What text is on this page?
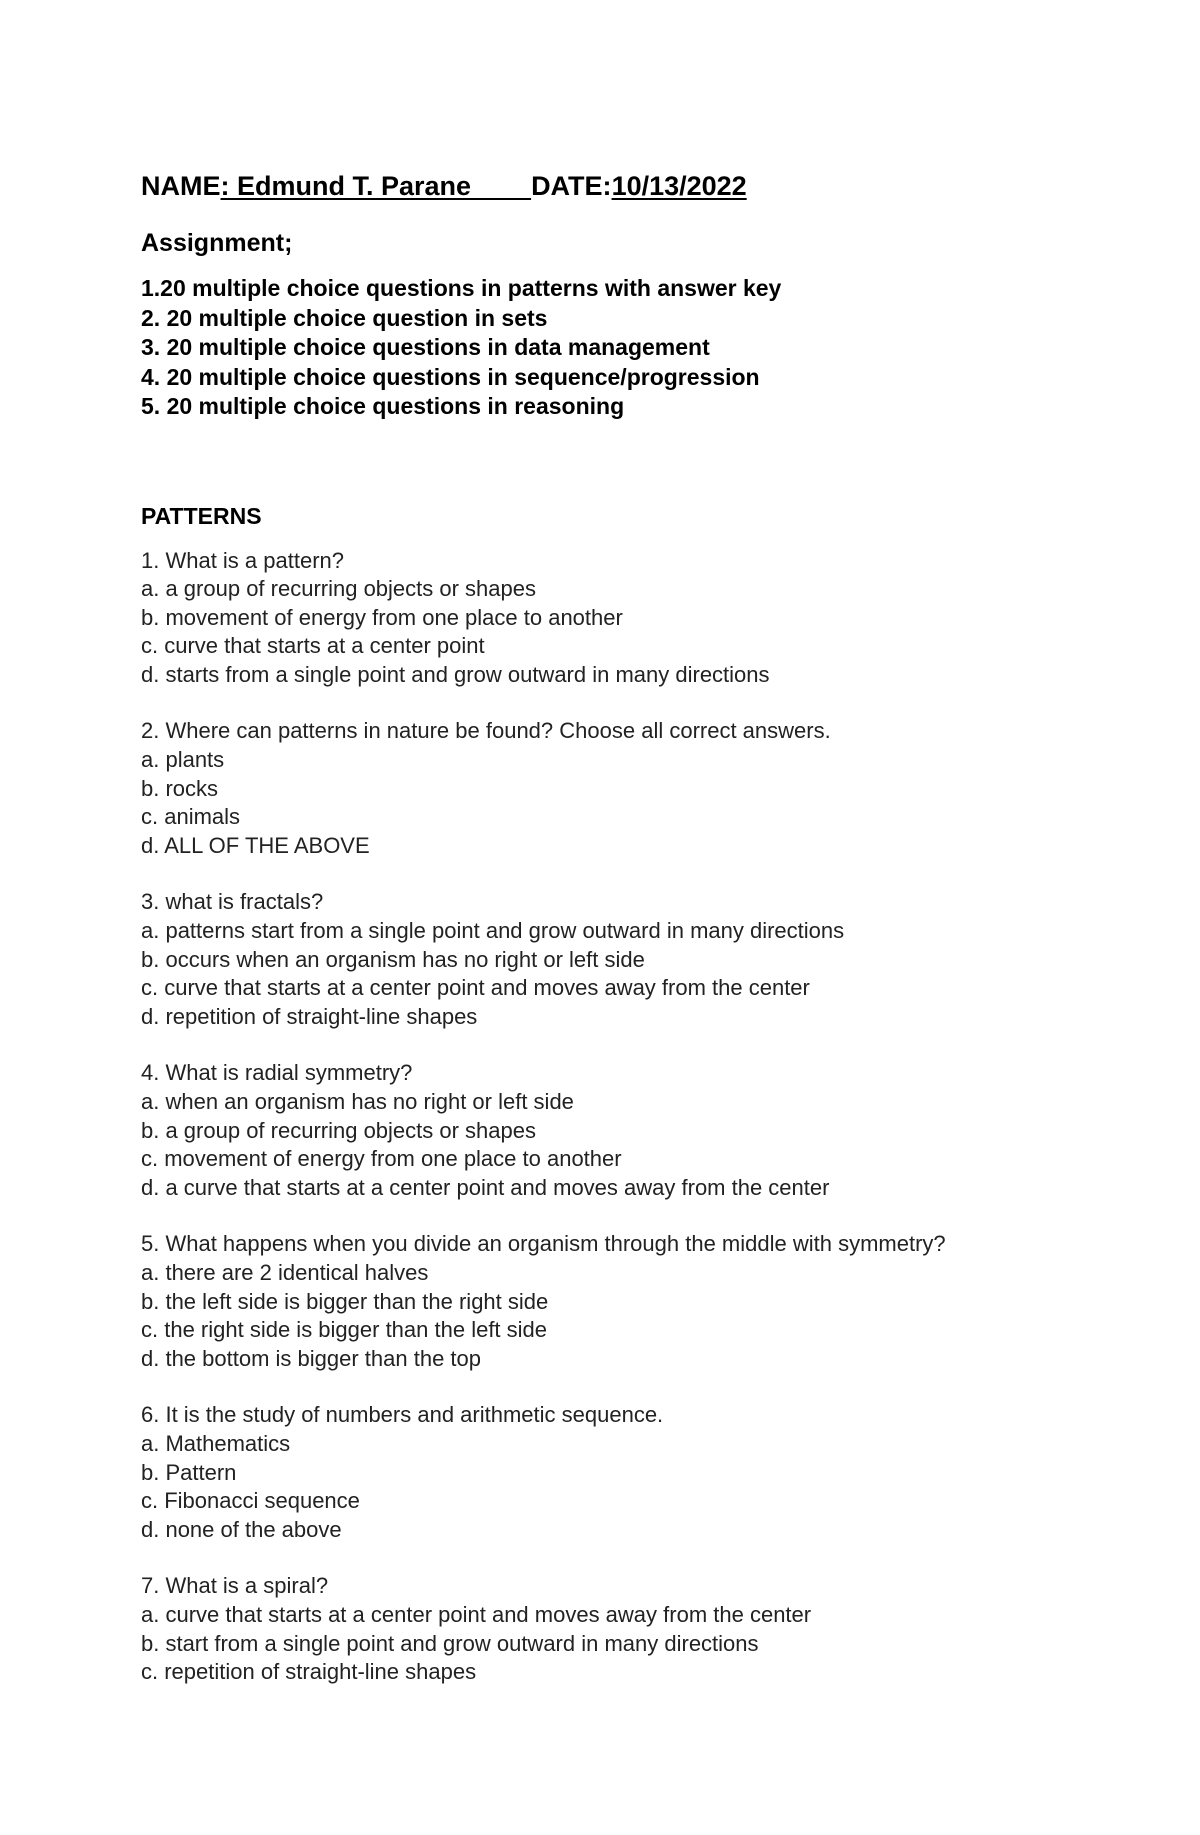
NAME: Edmund T. Parane        DATE:10/13/2022
Assignment;
1.20 multiple choice questions in patterns with answer key
2. 20 multiple choice question in sets
3. 20 multiple choice questions in data management
4. 20 multiple choice questions in sequence/progression
5. 20 multiple choice questions in reasoning
PATTERNS
1. What is a pattern?
a. a group of recurring objects or shapes
b. movement of energy from one place to another
c. curve that starts at a center point
d. starts from a single point and grow outward in many directions
2. Where can patterns in nature be found? Choose all correct answers.
a. plants
b. rocks
c. animals
d. ALL OF THE ABOVE
3. what is fractals?
a. patterns start from a single point and grow outward in many directions
b. occurs when an organism has no right or left side
c. curve that starts at a center point and moves away from the center
d. repetition of straight-line shapes
4. What is radial symmetry?
a. when an organism has no right or left side
b. a group of recurring objects or shapes
c. movement of energy from one place to another
d. a curve that starts at a center point and moves away from the center
5. What happens when you divide an organism through the middle with symmetry?
a. there are 2 identical halves
b. the left side is bigger than the right side
c. the right side is bigger than the left side
d. the bottom is bigger than the top
6. It is the study of numbers and arithmetic sequence.
a. Mathematics
b. Pattern
c. Fibonacci sequence
d. none of the above
7. What is a spiral?
a. curve that starts at a center point and moves away from the center
b. start from a single point and grow outward in many directions
c. repetition of straight-line shapes
